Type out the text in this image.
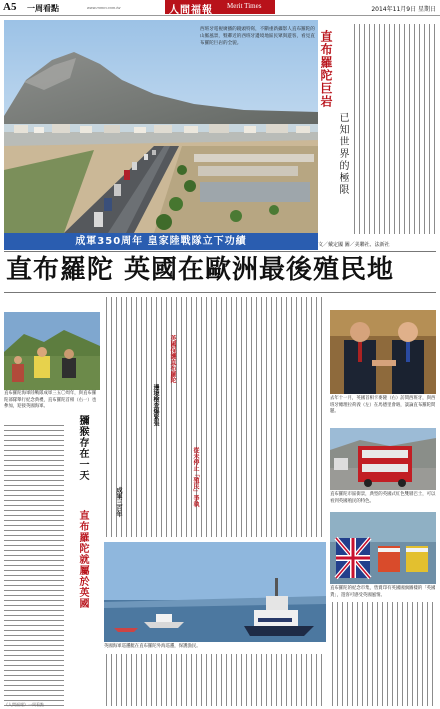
A5 一周看點	www.mmm.com.tw	人間福報 Merit Times	2014年11月9日 星期日
西班牙電視廣播的鏡頭特寫，不斷重新攝影人直布羅陀的山脈風景，暨鄰近的西班牙邊境地區民眾與遊客，看見直布羅陀巨岩的全貌。
成軍350周年 皇家陸戰隊立下功績
直布羅陀巨岩
已知世界的極限
文／戴定國 圖／美聯社、法新社
直布羅陀 英國在歐洲最後殖民地
直布羅陀海軍陸戰隊成軍三五〇周年，與直布羅陀部隊舉行紀念典禮，直布羅陀首相（右一）也參加，迎接英國海軍。
獼猴存在一天
直布羅陀就屬於英國
英國保護直布羅陀
邊境檢查爆緊張
從未停止「殖民」爭執
成軍三百年
英國海軍巡邏艇在直布羅陀外海巡邏，保護漁民。
去年十一月，英國首相卡麥隆（右）訪問西班牙，與西班牙總理拉荷義（左）在馬德里會晤，談論直布羅陀問題。
直布羅陀市區街景，典型的英國式紅色雙層巴士，可以看到英國殖民的特色。
直布羅陀的紀念市集，售賣印有英國國旗圖樣的「英國貨」，遊客可感受英國風情。
《人間福報》一周看點
